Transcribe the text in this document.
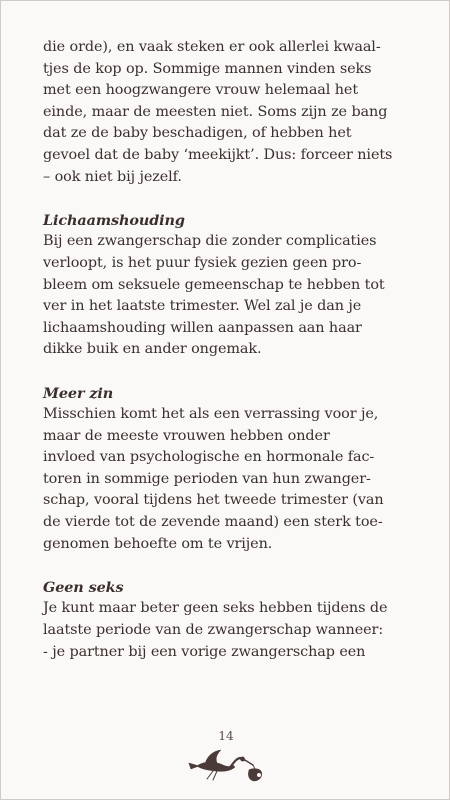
die orde), en vaak steken er ook allerlei kwaal-
tjes de kop op. Sommige mannen vinden seks
met een hoogzwangere vrouw helemaal het
einde, maar de meesten niet. Soms zijn ze bang
dat ze de baby beschadigen, of hebben het
gevoel dat de baby ‘meekijkt’. Dus: forceer niets
– ook niet bij jezelf.
Lichaamshouding
Bij een zwangerschap die zonder complicaties
verloopt, is het puur fysiek gezien geen pro-
bleem om seksuele gemeenschap te hebben tot
ver in het laatste trimester. Wel zal je dan je
lichaamshouding willen aanpassen aan haar
dikke buik en ander ongemak.
Meer zin
Misschien komt het als een verrassing voor je,
maar de meeste vrouwen hebben onder
invloed van psychologische en hormonale fac-
toren in sommige perioden van hun zwanger-
schap, vooral tijdens het tweede trimester (van
de vierde tot de zevende maand) een sterk toe-
genomen behoefte om te vrijen.
Geen seks
Je kunt maar beter geen seks hebben tijdens de
laatste periode van de zwangerschap wanneer:
- je partner bij een vorige zwangerschap een
14
